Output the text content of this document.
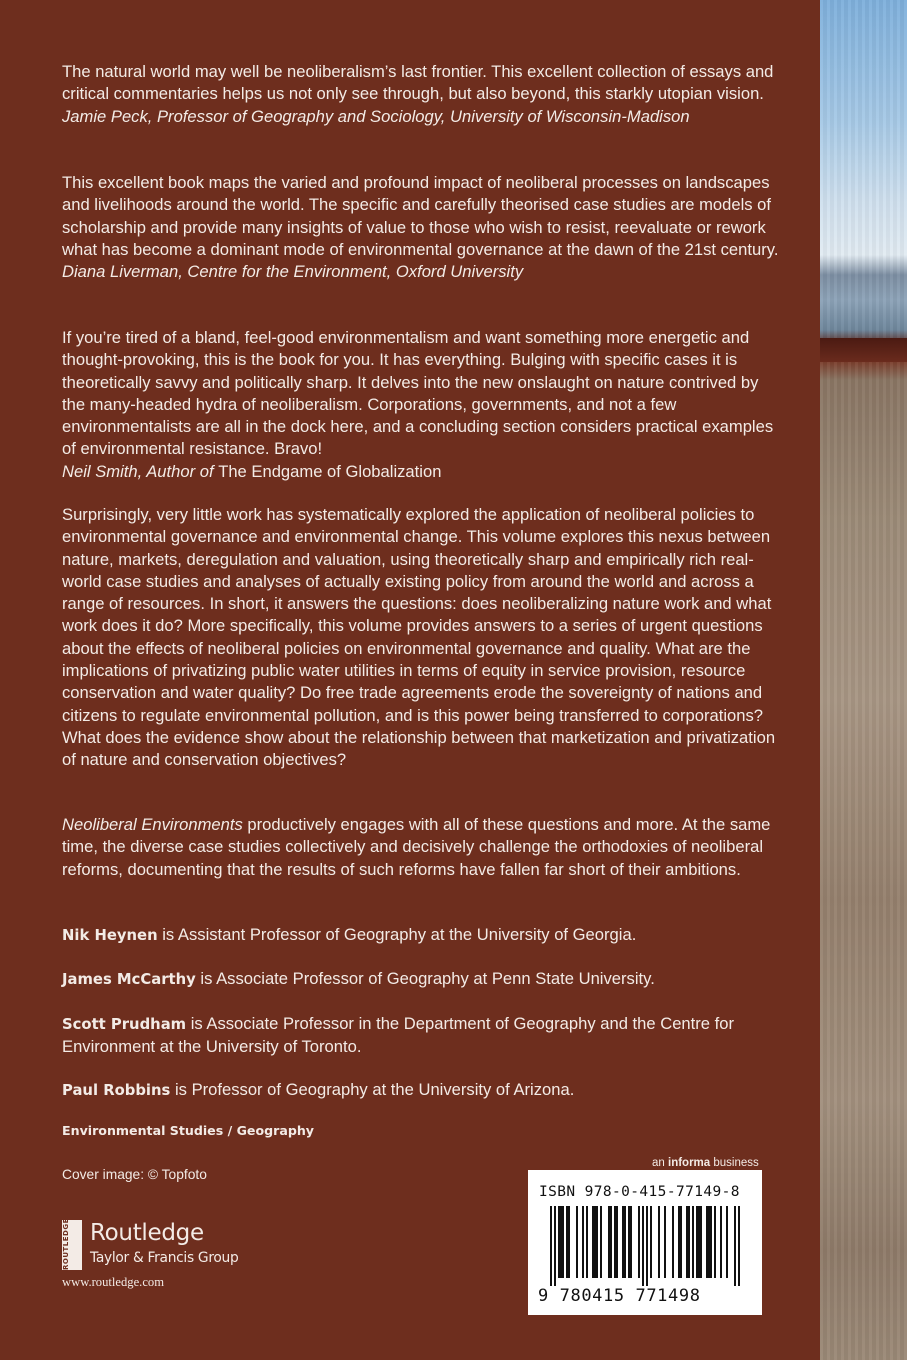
The natural world may well be neoliberalism’s last frontier. This excellent collection of essays and critical commentaries helps us not only see through, but also beyond, this starkly utopian vision.

Jamie Peck, Professor of Geography and Sociology, University of Wisconsin-Madison

This excellent book maps the varied and profound impact of neoliberal processes on landscapes and livelihoods around the world. The specific and carefully theorised case studies are models of scholarship and provide many insights of value to those who wish to resist, reevaluate or rework what has become a dominant mode of environmental governance at the dawn of the 21st century.

Diana Liverman, Centre for the Environment, Oxford University

If you’re tired of a bland, feel-good environmentalism and want something more energetic and thought-provoking, this is the book for you. It has everything. Bulging with specific cases it is theoretically savvy and politically sharp. It delves into the new onslaught on nature contrived by the many-headed hydra of neoliberalism. Corporations, governments, and not a few environmentalists are all in the dock here, and a concluding section considers practical examples of environmental resistance. Bravo!

Neil Smith, Author of The Endgame of Globalization

Surprisingly, very little work has systematically explored the application of neoliberal policies to environmental governance and environmental change. This volume explores this nexus between nature, markets, deregulation and valuation, using theoretically sharp and empirically rich real-world case studies and analyses of actually existing policy from around the world and across a range of resources. In short, it answers the questions: does neoliberalizing nature work and what work does it do? More specifically, this volume provides answers to a series of urgent questions about the effects of neoliberal policies on environmental governance and quality. What are the implications of privatizing public water utilities in terms of equity in service provision, resource conservation and water quality? Do free trade agreements erode the sovereignty of nations and citizens to regulate environmental pollution, and is this power being transferred to corporations? What does the evidence show about the relationship between that marketization and privatization of nature and conservation objectives?

Neoliberal Environments productively engages with all of these questions and more. At the same time, the diverse case studies collectively and decisively challenge the orthodoxies of neoliberal reforms, documenting that the results of such reforms have fallen far short of their ambitions.

Nik Heynen is Assistant Professor of Geography at the University of Georgia.
James McCarthy is Associate Professor of Geography at Penn State University.
Scott Prudham is Associate Professor in the Department of Geography and the Centre for Environment at the University of Toronto.
Paul Robbins is Professor of Geography at the University of Arizona.
Environmental Studies / Geography
Cover image: © Topfoto
ROUTLEDGE Routledge
Taylor & Francis Group
www.routledge.com
an informa business
ISBN 978-0-415-77149-8
9 780415 771498
